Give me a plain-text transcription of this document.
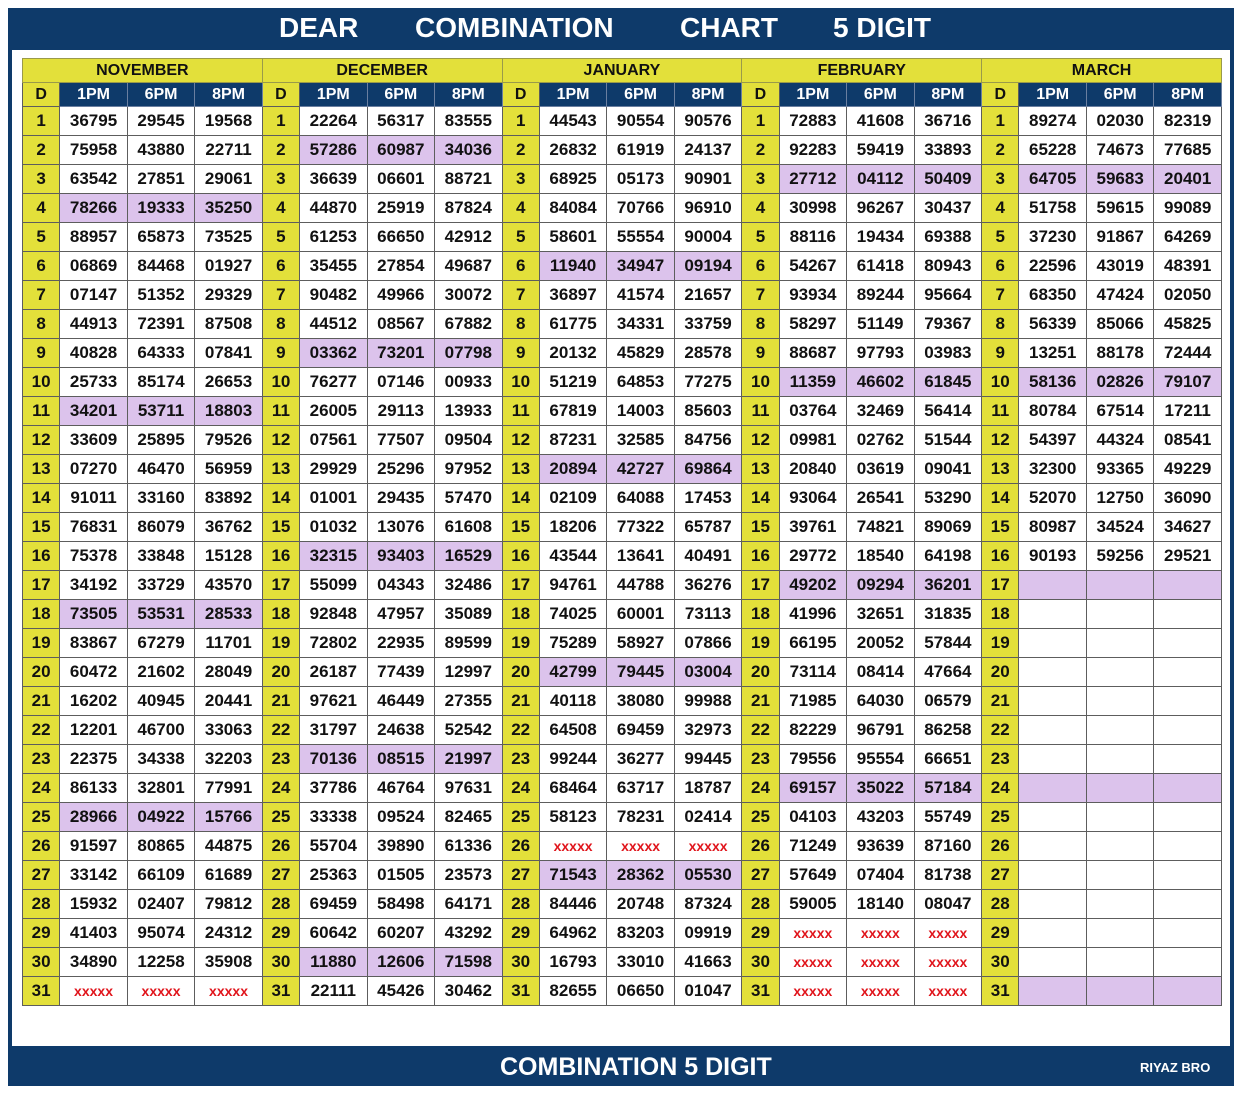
DEAR COMBINATION CHART 5 DIGIT
NOVEMBER				DECEMBER				JANUARY				FEBRUARY				MARCH			
D	1PM	6PM	8PM	D	1PM	6PM	8PM	D	1PM	6PM	8PM	D	1PM	6PM	8PM	D	1PM	6PM	8PM
1	36795	29545	19568	1	22264	56317	83555	1	44543	90554	90576	1	72883	41608	36716	1	89274	02030	82319
2	75958	43880	22711	2	57286	60987	34036	2	26832	61919	24137	2	92283	59419	33893	2	65228	74673	77685
3	63542	27851	29061	3	36639	06601	88721	3	68925	05173	90901	3	27712	04112	50409	3	64705	59683	20401
4	78266	19333	35250	4	44870	25919	87824	4	84084	70766	96910	4	30998	96267	30437	4	51758	59615	99089
5	88957	65873	73525	5	61253	66650	42912	5	58601	55554	90004	5	88116	19434	69388	5	37230	91867	64269
6	06869	84468	01927	6	35455	27854	49687	6	11940	34947	09194	6	54267	61418	80943	6	22596	43019	48391
7	07147	51352	29329	7	90482	49966	30072	7	36897	41574	21657	7	93934	89244	95664	7	68350	47424	02050
8	44913	72391	87508	8	44512	08567	67882	8	61775	34331	33759	8	58297	51149	79367	8	56339	85066	45825
9	40828	64333	07841	9	03362	73201	07798	9	20132	45829	28578	9	88687	97793	03983	9	13251	88178	72444
10	25733	85174	26653	10	76277	07146	00933	10	51219	64853	77275	10	11359	46602	61845	10	58136	02826	79107
11	34201	53711	18803	11	26005	29113	13933	11	67819	14003	85603	11	03764	32469	56414	11	80784	67514	17211
12	33609	25895	79526	12	07561	77507	09504	12	87231	32585	84756	12	09981	02762	51544	12	54397	44324	08541
13	07270	46470	56959	13	29929	25296	97952	13	20894	42727	69864	13	20840	03619	09041	13	32300	93365	49229
14	91011	33160	83892	14	01001	29435	57470	14	02109	64088	17453	14	93064	26541	53290	14	52070	12750	36090
15	76831	86079	36762	15	01032	13076	61608	15	18206	77322	65787	15	39761	74821	89069	15	80987	34524	34627
16	75378	33848	15128	16	32315	93403	16529	16	43544	13641	40491	16	29772	18540	64198	16	90193	59256	29521
17	34192	33729	43570	17	55099	04343	32486	17	94761	44788	36276	17	49202	09294	36201	17			
18	73505	53531	28533	18	92848	47957	35089	18	74025	60001	73113	18	41996	32651	31835	18			
19	83867	67279	11701	19	72802	22935	89599	19	75289	58927	07866	19	66195	20052	57844	19			
20	60472	21602	28049	20	26187	77439	12997	20	42799	79445	03004	20	73114	08414	47664	20			
21	16202	40945	20441	21	97621	46449	27355	21	40118	38080	99988	21	71985	64030	06579	21			
22	12201	46700	33063	22	31797	24638	52542	22	64508	69459	32973	22	82229	96791	86258	22			
23	22375	34338	32203	23	70136	08515	21997	23	99244	36277	99445	23	79556	95554	66651	23			
24	86133	32801	77991	24	37786	46764	97631	24	68464	63717	18787	24	69157	35022	57184	24			
25	28966	04922	15766	25	33338	09524	82465	25	58123	78231	02414	25	04103	43203	55749	25			
26	91597	80865	44875	26	55704	39890	61336	26	xxxxx	xxxxx	xxxxx	26	71249	93639	87160	26			
27	33142	66109	61689	27	25363	01505	23573	27	71543	28362	05530	27	57649	07404	81738	27			
28	15932	02407	79812	28	69459	58498	64171	28	84446	20748	87324	28	59005	18140	08047	28			
29	41403	95074	24312	29	60642	60207	43292	29	64962	83203	09919	29	xxxxx	xxxxx	xxxxx	29			
30	34890	12258	35908	30	11880	12606	71598	30	16793	33010	41663	30	xxxxx	xxxxx	xxxxx	30			
31	xxxxx	xxxxx	xxxxx	31	22111	45426	30462	31	82655	06650	01047	31	xxxxx	xxxxx	xxxxx	31			
COMBINATION 5 DIGIT	RIYAZ BRO
